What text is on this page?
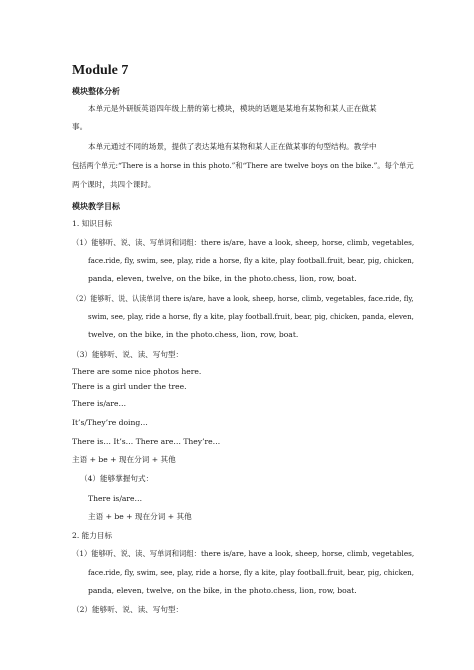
Module 7
模块整体分析
本单元是外研版英语四年级上册的第七模块，模块的话题是某地有某物和某人正在做某
事。
本单元通过不同的场景，提供了表达某地有某物和某人正在做某事的句型结构。教学中
包括两个单元:“There is a horse in this photo.”和“There are twelve boys on the bike.”。每个单元
两个课时，共四个课时。
模块教学目标
1. 知识目标
（1）能够听、说、读、写单词和词组：there is/are, have a look, sheep, horse, climb, vegetables,
face.ride, fly, swim, see, play, ride a horse, fly a kite, play football.fruit, bear, pig, chicken,
panda, eleven, twelve, on the bike, in the photo.chess, lion, row, boat.
（2）能够听、说、认读单词 there is/are, have a look, sheep, horse, climb, vegetables, face.ride, fly,
swim, see, play, ride a horse, fly a kite, play football.fruit, bear, pig, chicken, panda, eleven,
twelve, on the bike, in the photo.chess, lion, row, boat.
（3）能够听、说、读、写句型：
There are some nice photos here.
There is a girl under the tree.
There is/are…
It’s/They’re doing…
There is… It’s… There are… They’re…
主语 + be + 现在分词 + 其他
（4）能够掌握句式：
There is/are…
主语 + be + 现在分词 + 其他
2. 能力目标
（1）能够听、说、读、写单词和词组：there is/are, have a look, sheep, horse, climb, vegetables,
face.ride, fly, swim, see, play, ride a horse, fly a kite, play football.fruit, bear, pig, chicken,
panda, eleven, twelve, on the bike, in the photo.chess, lion, row, boat.
（2）能够听、说、读、写句型：
